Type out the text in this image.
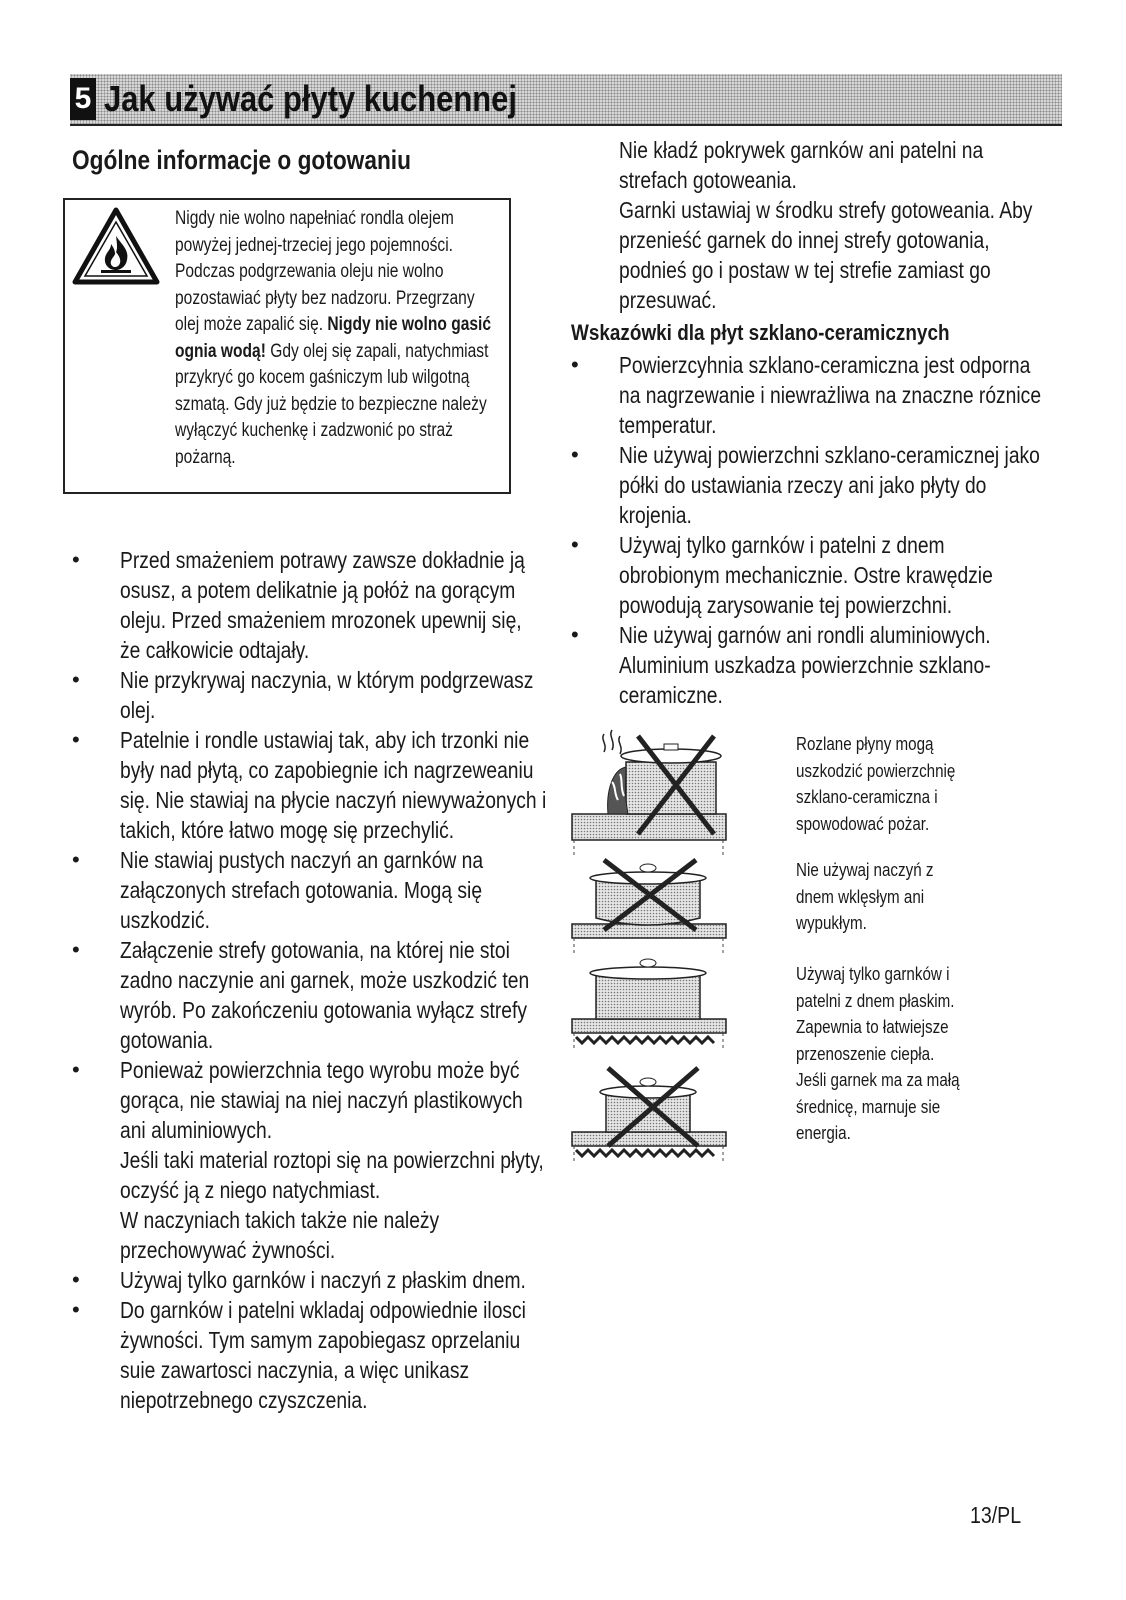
5 Jak używać płyty kuchennej
Ogólne informacje o gotowaniu
Nigdy nie wolno napełniać rondla olejem powyżej jednej-trzeciej jego pojemności. Podczas podgrzewania oleju nie wolno pozostawiać płyty bez nadzoru. Przegrzany olej może zapalić się. Nigdy nie wolno gasić ognia wodą! Gdy olej się zapali, natychmiast przykryć go kocem gaśniczym lub wilgotną szmatą. Gdy już będzie to bezpieczne należy wyłączyć kuchenkę i zadzwonić po straż pożarną.
• Przed smażeniem potrawy zawsze dokładnie ją osusz, a potem delikatnie ją połóż na gorącym oleju. Przed smażeniem mrozonek upewnij się, że całkowicie odtajały.
• Nie przykrywaj naczynia, w którym podgrzewasz olej.
• Patelnie i rondle ustawiaj tak, aby ich trzonki nie były nad płytą, co zapobiegnie ich nagrzeweaniu się. Nie stawiaj na płycie naczyń niewyważonych i takich, które łatwo mogę się przechylić.
• Nie stawiaj pustych naczyń an garnków na załączonych strefach gotowania. Mogą się uszkodzić.
• Załączenie strefy gotowania, na której nie stoi zadno naczynie ani garnek, może uszkodzić ten wyrób. Po zakończeniu gotowania wyłącz strefy gotowania.
• Ponieważ powierzchnia tego wyrobu może być gorąca, nie stawiaj na niej naczyń plastikowych ani aluminiowych.
Jeśli taki material roztopi się na powierzchni płyty, oczyść ją z niego natychmiast.
W naczyniach takich także nie należy przechowywać żywności.
• Używaj tylko garnków i naczyń z płaskim dnem.
• Do garnków i patelni wkladaj odpowiednie ilosci żywności. Tym samym zapobiegasz oprzelaniu suie zawartosci naczynia, a więc unikasz niepotrzebnego czyszczenia.
Nie kładź pokrywek garnków ani patelni na strefach gotoweania.
Garnki ustawiaj w środku strefy gotoweania. Aby przenieść garnek do innej strefy gotowania, podnieś go i postaw w tej strefie zamiast go przesuwać.
Wskazówki dla płyt szklano-ceramicznych
• Powierzcyhnia szklano-ceramiczna jest odporna na nagrzewanie i niewrażliwa na znaczne róznice temperatur.
• Nie używaj powierzchni szklano-ceramicznej jako półki do ustawiania rzeczy ani jako płyty do krojenia.
• Używaj tylko garnków i patelni z dnem obrobionym mechanicznie. Ostre krawędzie powodują zarysowanie tej powierzchni.
• Nie używaj garnów ani rondli aluminiowych. Aluminium uszkadza powierzchnie szklano-
ceramiczne.
Rozlane płyny mogą
uszkodzić powierzchnię
szklano-ceramiczna i
spowodować pożar.
Nie używaj naczyń z
dnem wklęsłym ani
wypukłym.
Używaj tylko garnków i
patelni z dnem płaskim.
Zapewnia to łatwiejsze
przenoszenie ciepła.
Jeśli garnek ma za małą
średnicę, marnuje sie
energia.
13/PL
